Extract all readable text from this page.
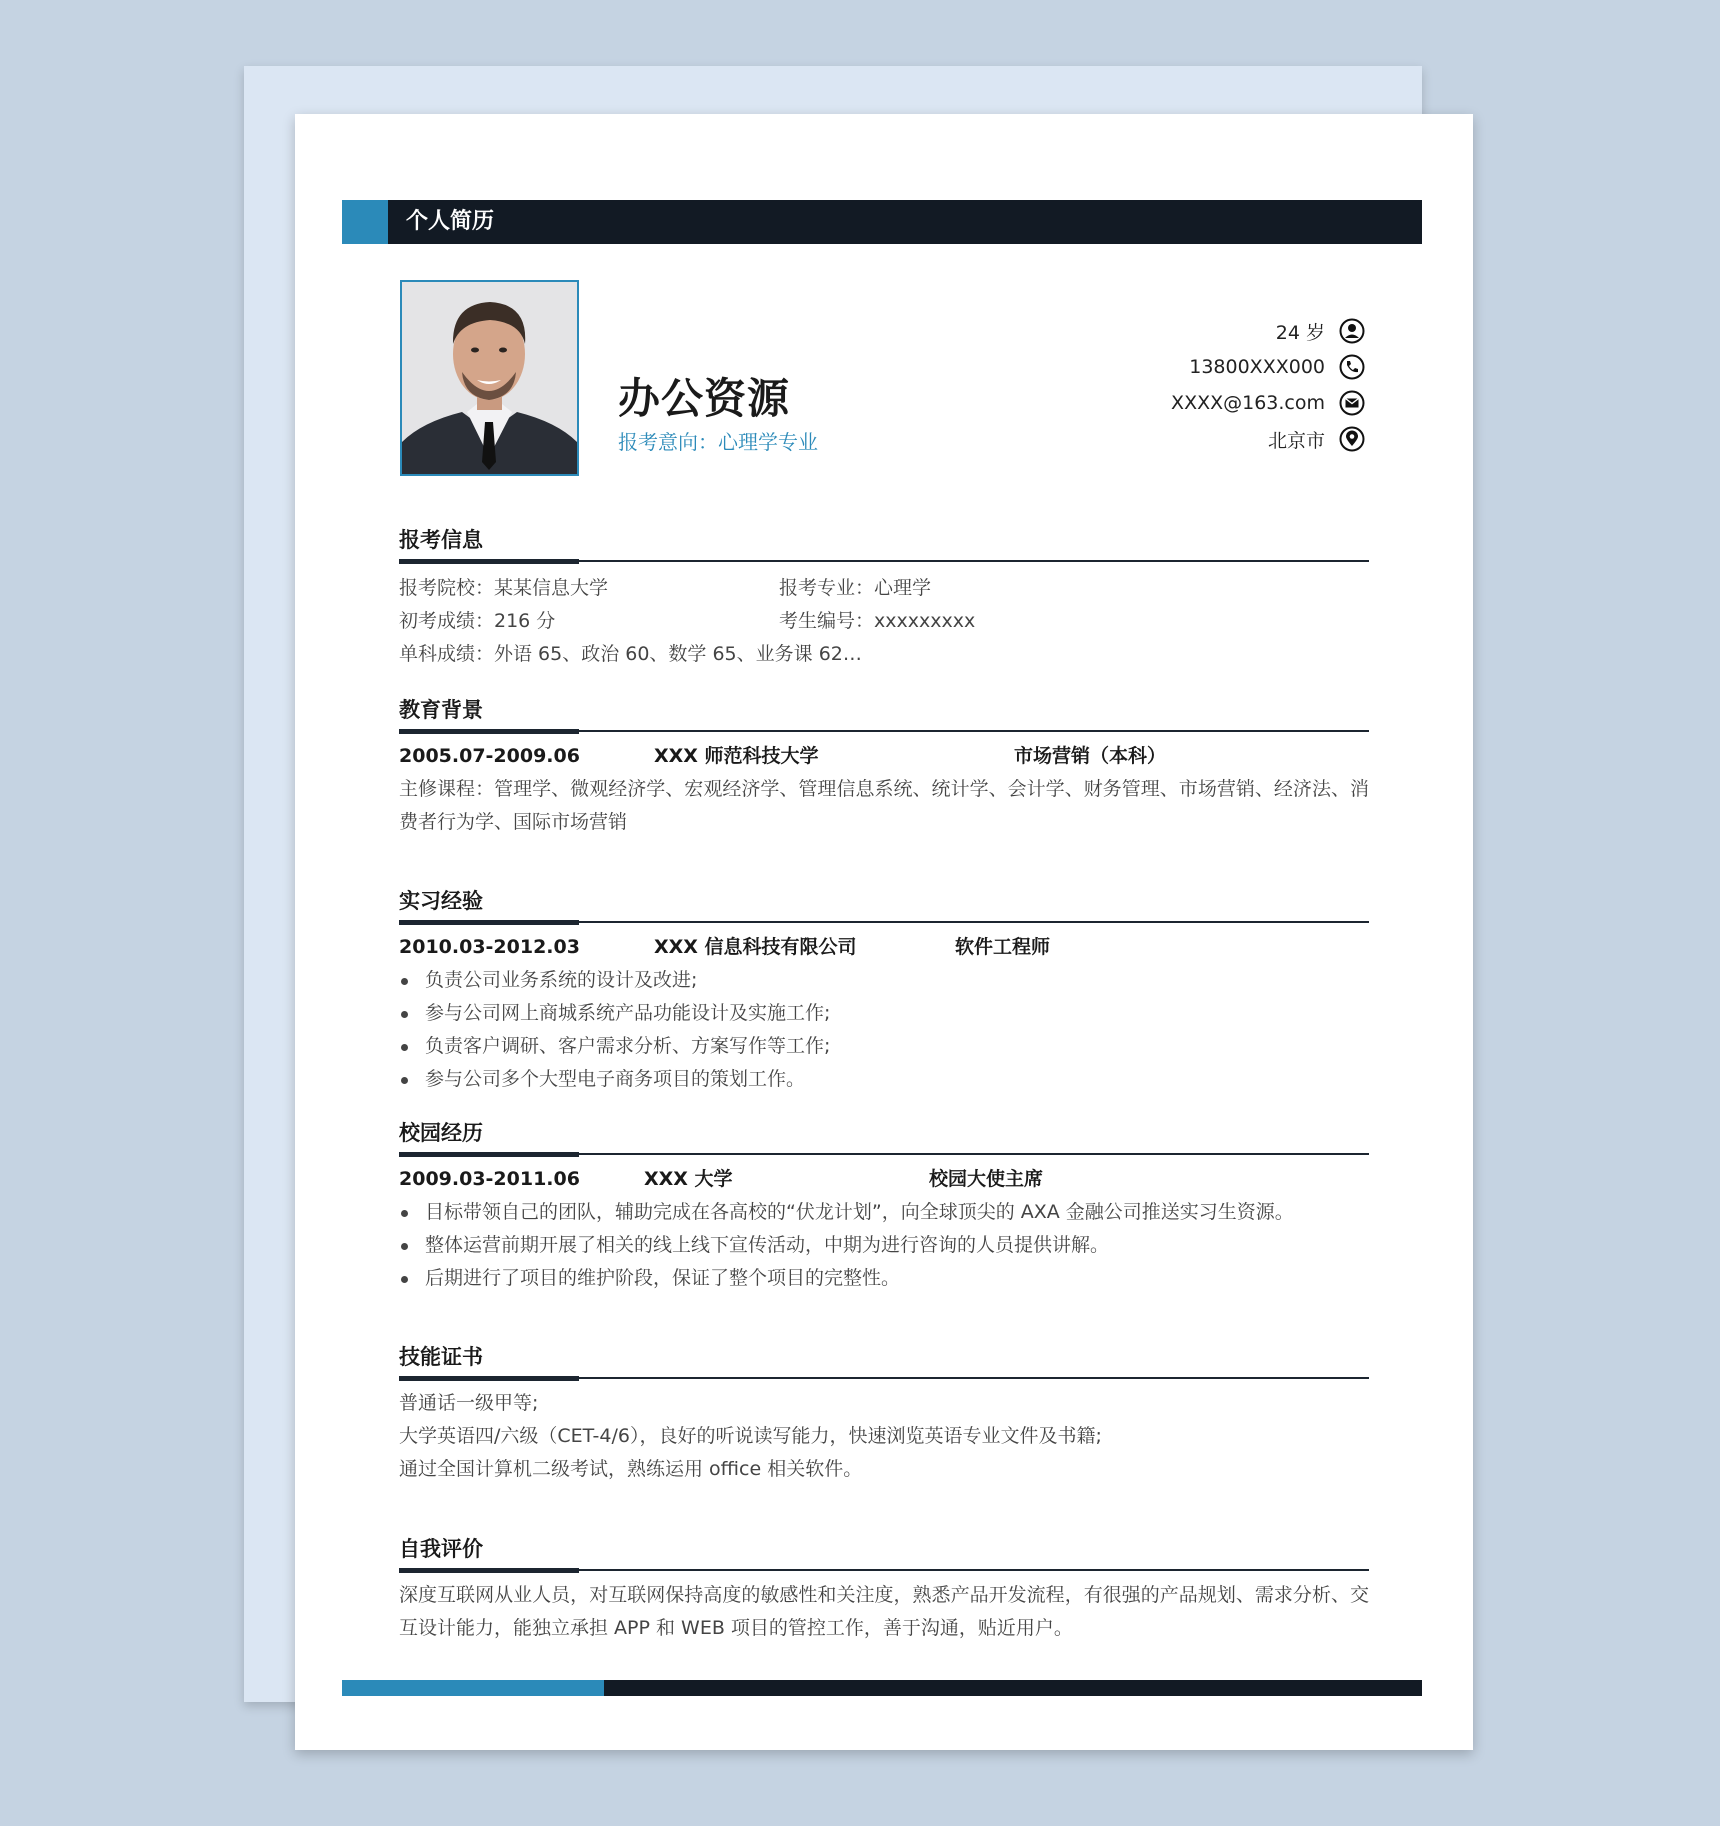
个人简历
办公资源
报考意向：心理学专业
24 岁
13800XXX000
XXXX@163.com
北京市
报考信息
报考院校：某某信息大学	报考专业：心理学
初考成绩：216 分	考生编号：xxxxxxxxx
单科成绩：外语 65、政治 60、数学 65、业务课 62…
教育背景
2005.07-2009.06	XXX 师范科技大学	市场营销（本科）
主修课程：管理学、微观经济学、宏观经济学、管理信息系统、统计学、会计学、财务管理、市场营销、经济法、消费者行为学、国际市场营销
实习经验
2010.03-2012.03	XXX 信息科技有限公司	软件工程师
负责公司业务系统的设计及改进;
参与公司网上商城系统产品功能设计及实施工作;
负责客户调研、客户需求分析、方案写作等工作;
参与公司多个大型电子商务项目的策划工作。
校园经历
2009.03-2011.06	XXX 大学	校园大使主席
目标带领自己的团队，辅助完成在各高校的“伏龙计划”，向全球顶尖的 AXA 金融公司推送实习生资源。
整体运营前期开展了相关的线上线下宣传活动，中期为进行咨询的人员提供讲解。
后期进行了项目的维护阶段，保证了整个项目的完整性。
技能证书
普通话一级甲等;
大学英语四/六级（CET-4/6），良好的听说读写能力，快速浏览英语专业文件及书籍;
通过全国计算机二级考试，熟练运用 office 相关软件。
自我评价
深度互联网从业人员，对互联网保持高度的敏感性和关注度，熟悉产品开发流程，有很强的产品规划、需求分析、交互设计能力，能独立承担 APP 和 WEB 项目的管控工作，善于沟通，贴近用户。
